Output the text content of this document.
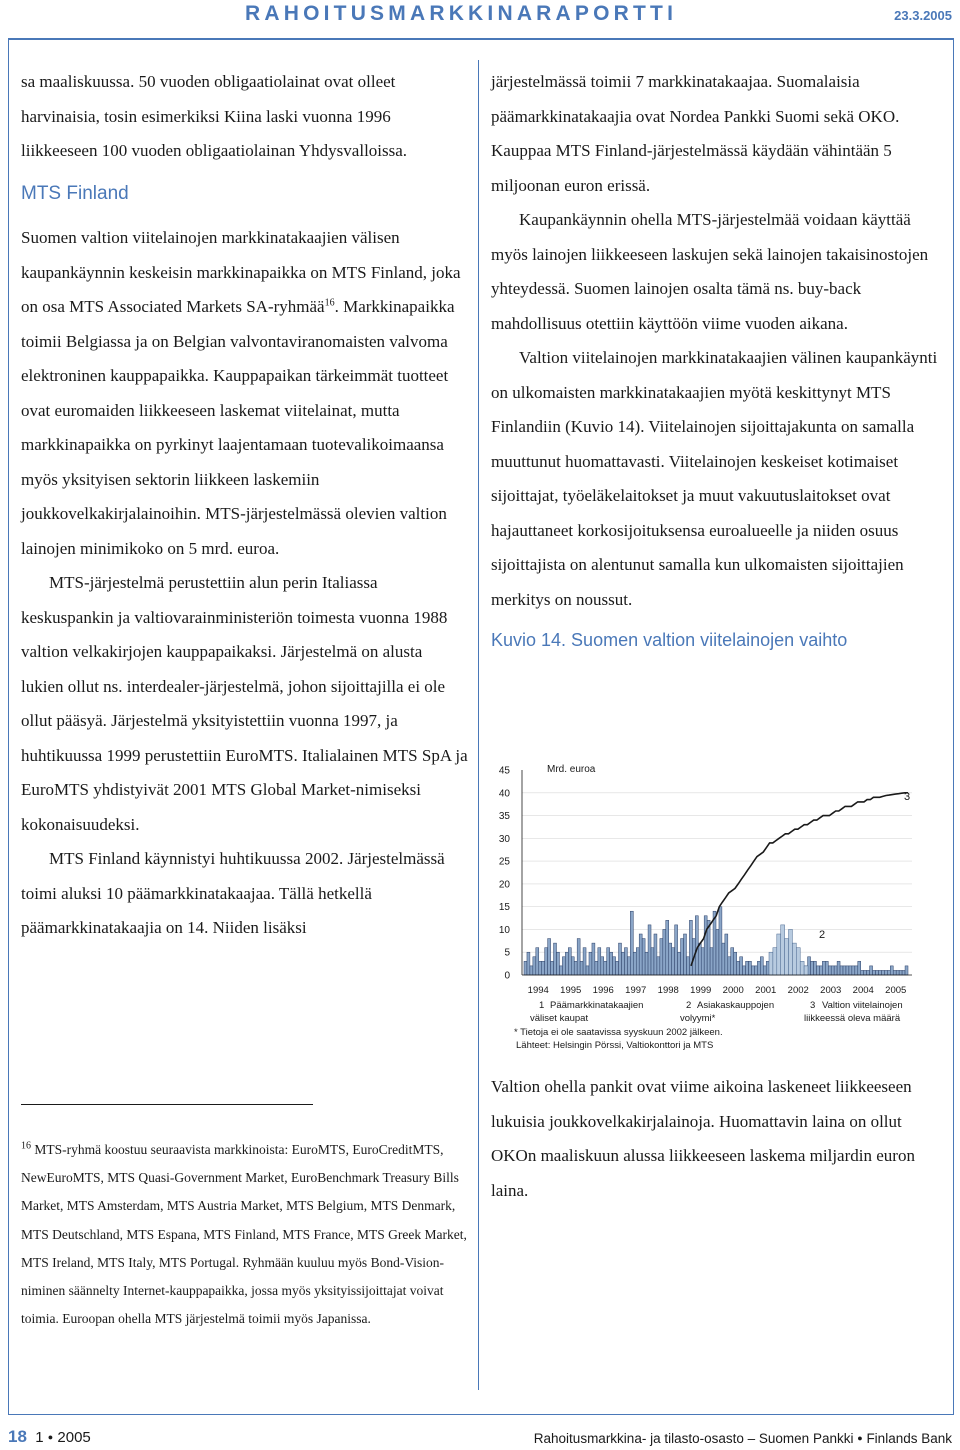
RAHOITUSMARKKINARAPORTTI	23.3.2005

sa maaliskuussa. 50 vuoden obligaatiolainat ovat olleet harvinaisia, tosin esimerkiksi Kiina laski vuonna 1996 liikkeeseen 100 vuoden obligaatiolainan Yhdysvalloissa.

MTS Finland

Suomen valtion viitelainojen markkinatakaajien välisen kaupankäynnin keskeisin markkinapaikka on MTS Finland, joka on osa MTS Associated Markets SA-ryhmää$^{16}$. Markkinapaikka toimii Belgiassa ja on Belgian valvontaviranomaisten valvoma elektroninen kauppapaikka. Kauppapaikan tärkeimmät tuotteet ovat euromaiden liikkeeseen laskemat viitelainat, mutta markkinapaikka on pyrkinyt laajentamaan tuotevalikoimaansa myös yksityisen sektorin liikkeen laskemiin joukkovelkakirjalainoihin. MTS-järjestelmässä olevien valtion lainojen minimikoko on 5 mrd. euroa.

MTS-järjestelmä perustettiin alun perin Italiassa keskuspankin ja valtiovarainministeriön toimesta vuonna 1988 valtion velkakirjojen kauppapaikaksi. Järjestelmä on alusta lukien ollut ns. interdealer-järjestelmä, johon sijoittajilla ei ole ollut pääsyä. Järjestelmä yksityistettiin vuonna 1997, ja huhtikuussa 1999 perustettiin EuroMTS. Italialainen MTS SpA ja EuroMTS yhdistyivät 2001 MTS Global Market-nimiseksi kokonaisuudeksi.

MTS Finland käynnistyi huhtikuussa 2002. Järjestelmässä toimi aluksi 10 päämarkkinatakaajaa. Tällä hetkellä päämarkkinatakaajia on 14. Niiden lisäksi

$^{16}$ MTS-ryhmä koostuu seuraavista markkinoista: EuroMTS, EuroCreditMTS, NewEuroMTS, MTS Quasi-Government Market, EuroBenchmark Treasury Bills Market, MTS Amsterdam, MTS Austria Market, MTS Belgium, MTS Denmark, MTS Deutschland, MTS Espana, MTS Finland, MTS France, MTS Greek Market, MTS Ireland, MTS Italy, MTS Portugal. Ryhmään kuuluu myös Bond-Vision-niminen säännelty Internet-kauppapaikka, jossa myös yksityissijoittajat voivat toimia. Euroopan ohella MTS järjestelmä toimii myös Japanissa.

järjestelmässä toimii 7 markkinatakaajaa. Suomalaisia päämarkkinatakaajia ovat Nordea Pankki Suomi sekä OKO. Kauppaa MTS Finland-järjestelmässä käydään vähintään 5 miljoonan euron erissä.

Kaupankäynnin ohella MTS-järjestelmää voidaan käyttää myös lainojen liikkeeseen laskujen sekä lainojen takaisinostojen yhteydessä. Suomen lainojen osalta tämä ns. buy-back mahdollisuus otettiin käyttöön viime vuoden aikana.

Valtion viitelainojen markkinatakaajien välinen kaupankäynti on ulkomaisten markkinatakaajien myötä keskittynyt MTS Finlandiin (Kuvio 14). Viitelainojen sijoittajakunta on samalla muuttunut huomattavasti. Viitelainojen keskeiset kotimaiset sijoittajat, työeläkelaitokset ja muut vakuutuslaitokset ovat hajauttaneet korkosijoituksensa euroalueelle ja niiden osuus sijoittajista on alentunut samalla kun ulkomaisten sijoittajien merkitys on noussut.

Kuvio 14. Suomen valtion viitelainojen vaihto

0
5
10
15
20
25
30
35
40
45	Mrd. euroa
3
2
1994 1995 1996 1997 1998 1999 2000 2001 2002 2003 2004 2005
1 Päämarkkinatakaajien
väliset kaupat
2 Asiakaskauppojen
volyymi*
3 Valtion viitelainojen
liikkeessä oleva määrä
* Tietoja ei ole saatavissa syyskuun 2002 jälkeen.
Lähteet: Helsingin Pörssi, Valtiokonttori ja MTS

Valtion ohella pankit ovat viime aikoina laskeneet liikkeeseen lukuisia joukkovelkakirjalainoja. Huomattavin laina on ollut OKOn maaliskuun alussa liikkeeseen laskema miljardin euron laina.

18 1 ● 2005	Rahoitusmarkkina- ja tilasto-osasto – Suomen Pankki ● Finlands Bank
